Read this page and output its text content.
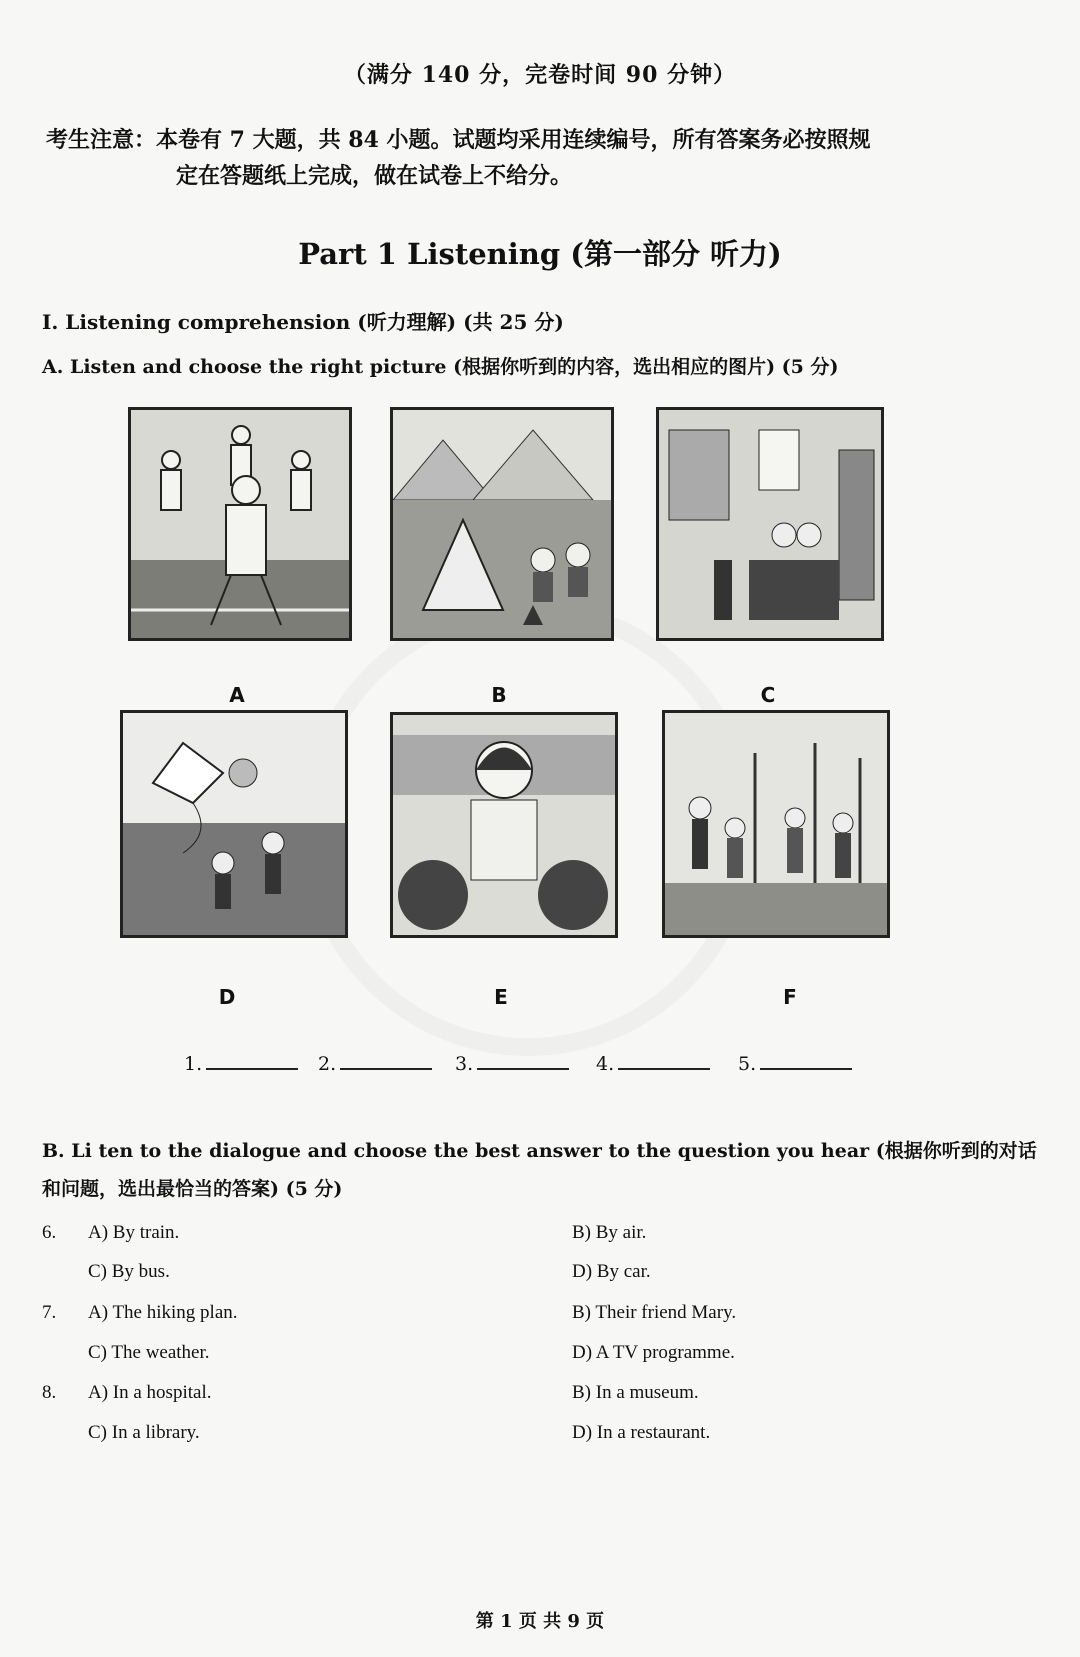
（满分 140 分，完卷时间 90 分钟）
考生注意：本卷有 7 大题，共 84 小题。试题均采用连续编号，所有答案务必按照规
定在答题纸上完成，做在试卷上不给分。
Part 1 Listening (第一部分 听力)
I. Listening comprehension (听力理解) (共 25 分)
A. Listen and choose the right picture (根据你听到的内容，选出相应的图片) (5 分)
A	B	C
D	E	F
1.	2.	3.	4.	5.
B. Li ten to the dialogue and choose the best answer to the question you hear (根据你听到的对话
和问题，选出最恰当的答案) (5 分)
6. A) By train.	B) By air.
C) By bus.	D) By car.
7. A) The hiking plan.	B) Their friend Mary.
C) The weather.	D) A TV programme.
8. A) In a hospital.	B) In a museum.
C) In a library.	D) In a restaurant.
第 1 页 共 9 页
